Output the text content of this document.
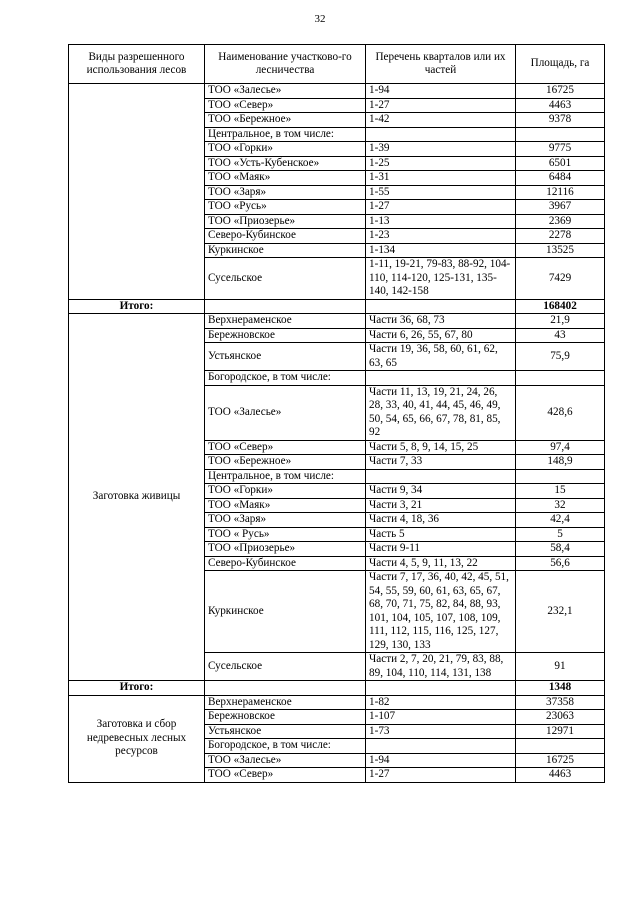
32
Виды разрешенного использования лесов	Наименование участково-го лесничества	Перечень кварталов или их частей	Площадь, га
	ТОО «Залесье»	1-94	16725
	ТОО «Север»	1-27	4463
	ТОО «Бережное»	1-42	9378
	Центральное, в том числе:		
	ТОО «Горки»	1-39	9775
	ТОО «Усть-Кубенское»	1-25	6501
	ТОО «Маяк»	1-31	6484
	ТОО «Заря»	1-55	12116
	ТОО «Русь»	1-27	3967
	ТОО «Приозерье»	1-13	2369
	Северо-Кубинское	1-23	2278
	Куркинское	1-134	13525
	Сусельское	1-11, 19-21, 79-83, 88-92, 104-110, 114-120, 125-131, 135-140, 142-158	7429
Итого:			168402
Заготовка живицы	Верхнераменское	Части 36, 68, 73	21,9
	Бережновское	Части 6, 26, 55, 67, 80	43
	Устьянское	Части 19, 36, 58, 60, 61, 62, 63, 65	75,9
	Богородское, в том числе:		
	ТОО «Залесье»	Части 11, 13, 19, 21, 24, 26, 28, 33, 40, 41, 44, 45, 46, 49, 50, 54, 65, 66, 67, 78, 81, 85, 92	428,6
	ТОО «Север»	Части 5, 8, 9, 14, 15, 25	97,4
	ТОО «Бережное»	Части 7, 33	148,9
	Центральное, в том числе:		
	ТОО «Горки»	Части 9, 34	15
	ТОО «Маяк»	Части 3, 21	32
	ТОО «Заря»	Части 4, 18, 36	42,4
	ТОО « Русь»	Часть 5	5
	ТОО «Приозерье»	Части 9-11	58,4
	Северо-Кубинское	Части 4, 5, 9, 11, 13, 22	56,6
	Куркинское	Части 7, 17, 36, 40, 42, 45, 51, 54, 55, 59, 60, 61, 63, 65, 67, 68, 70, 71, 75, 82, 84, 88, 93, 101, 104, 105, 107, 108, 109, 111, 112, 115, 116, 125, 127, 129, 130, 133	232,1
	Сусельское	Части 2, 7, 20, 21, 79, 83, 88, 89, 104, 110, 114, 131, 138	91
Итого:			1348
Заготовка и сбор недревесных лесных ресурсов	Верхнераменское	1-82	37358
	Бережновское	1-107	23063
	Устьянское	1-73	12971
	Богородское, в том числе:		
	ТОО «Залесье»	1-94	16725
	ТОО «Север»	1-27	4463
